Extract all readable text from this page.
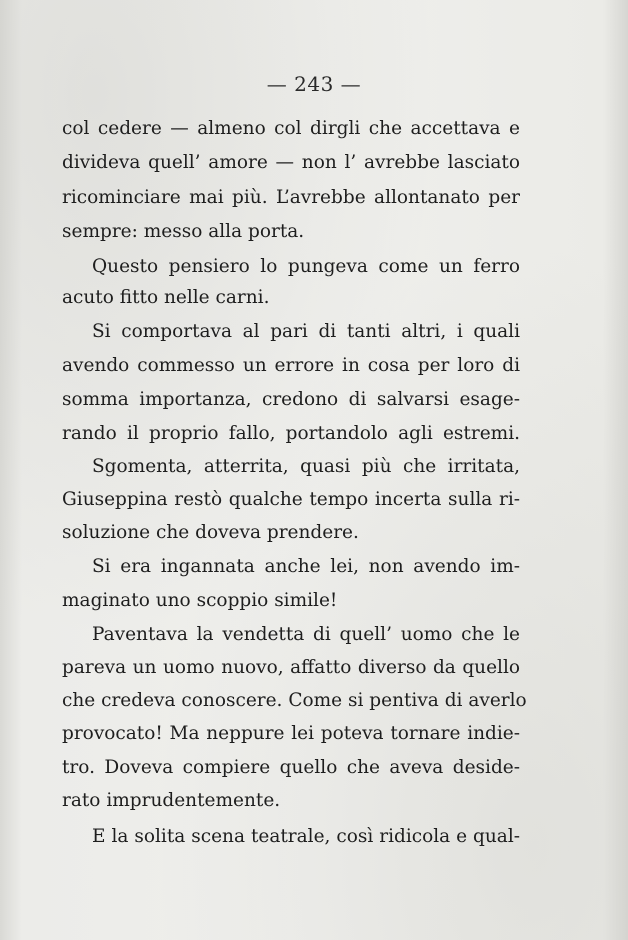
— 243 —
col cedere — almeno col dirgli che accettava e
divideva quell’ amore — non l’ avrebbe lasciato
ricominciare mai più. L’avrebbe allontanato per
sempre: messo alla porta.
Questo pensiero lo pungeva come un ferro
acuto fitto nelle carni.
Si comportava al pari di tanti altri, i quali
avendo commesso un errore in cosa per loro di
somma importanza, credono di salvarsi esage-
rando il proprio fallo, portandolo agli estremi.
Sgomenta, atterrita, quasi più che irritata,
Giuseppina restò qualche tempo incerta sulla ri-
soluzione che doveva prendere.
Si era ingannata anche lei, non avendo im-
maginato uno scoppio simile!
Paventava la vendetta di quell’ uomo che le
pareva un uomo nuovo, affatto diverso da quello
che credeva conoscere. Come si pentiva di averlo
provocato! Ma neppure lei poteva tornare indie-
tro. Doveva compiere quello che aveva deside-
rato imprudentemente.
E la solita scena teatrale, così ridicola e qual-
